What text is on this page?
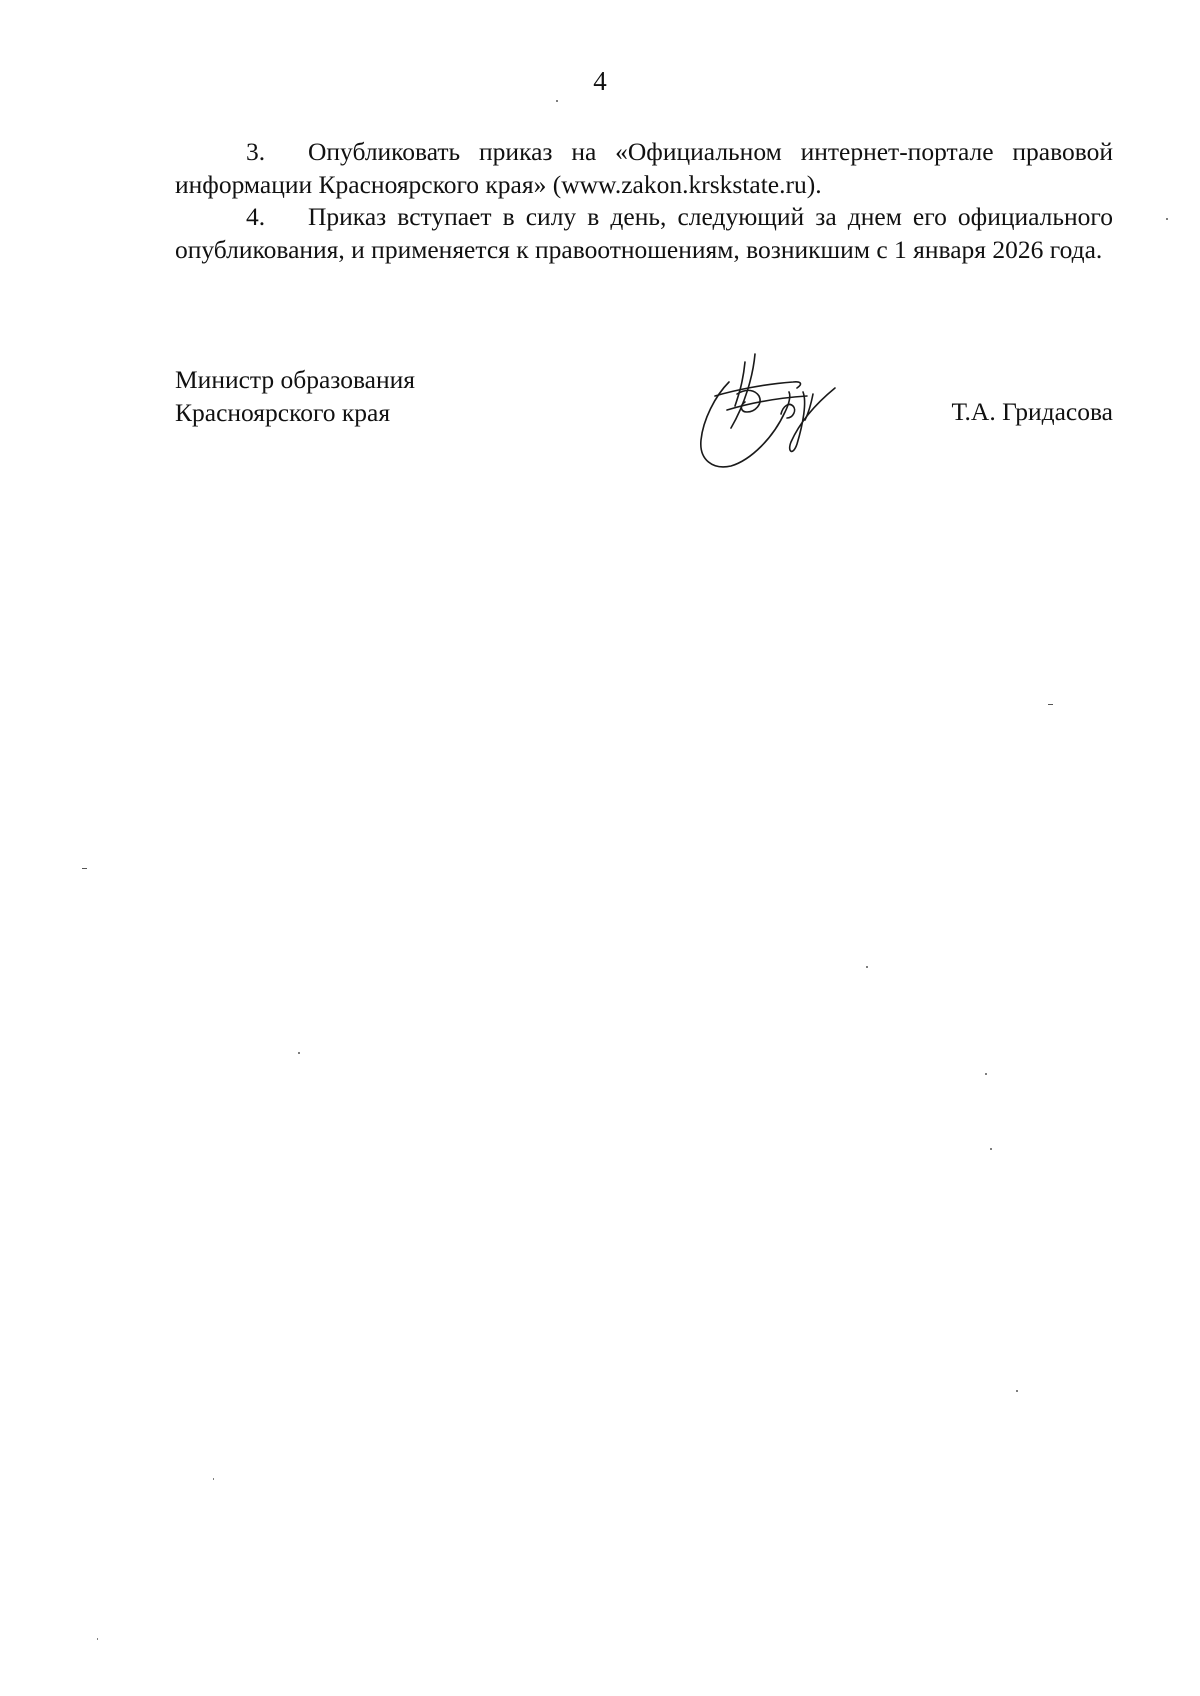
4

3. Опубликовать приказ на «Официальном интернет-портале правовой информации Красноярского края» (www.zakon.krskstate.ru).

4. Приказ вступает в силу в день, следующий за днем его официального опубликования, и применяется к правоотношениям, возникшим с 1 января 2026 года.

Министр образования
Красноярского края	Т.А. Гридасова
